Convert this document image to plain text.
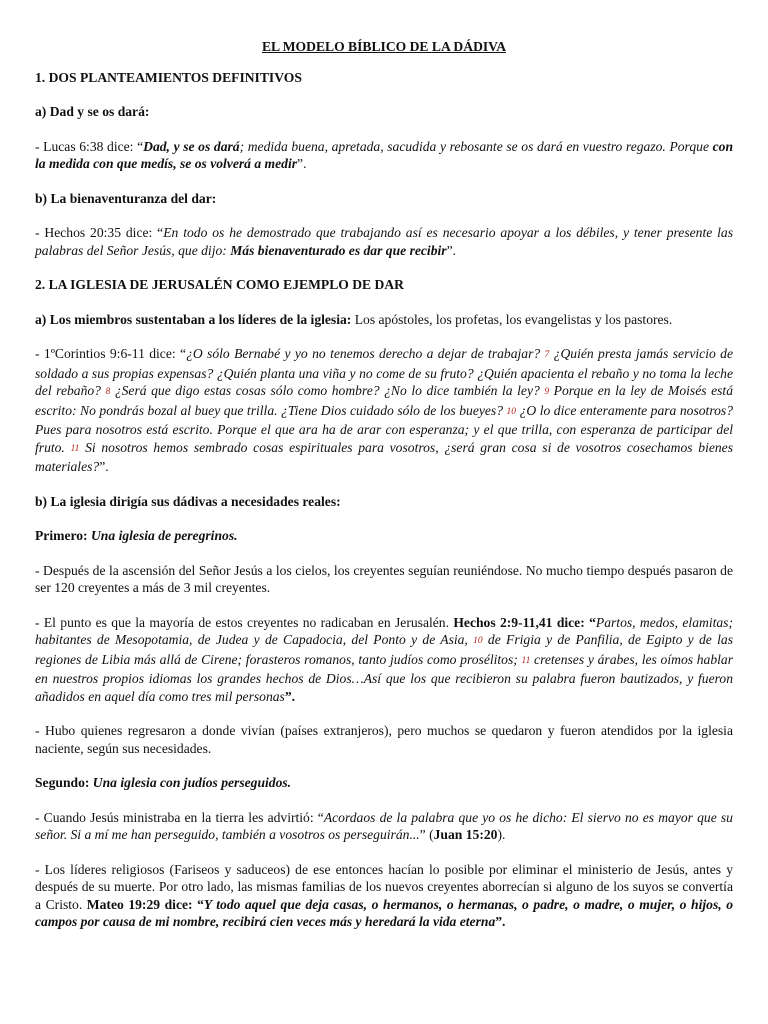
EL MODELO BÍBLICO DE LA DÁDIVA
1. DOS PLANTEAMIENTOS DEFINITIVOS
a) Dad y se os dará:
- Lucas 6:38 dice: “Dad, y se os dará; medida buena, apretada, sacudida y rebosante se os dará en vuestro regazo. Porque con la medida con que medís, se os volverá a medir”.
b) La bienaventuranza del dar:
- Hechos 20:35 dice: “En todo os he demostrado que trabajando así es necesario apoyar a los débiles, y tener presente las palabras del Señor Jesús, que dijo: Más bienaventurado es dar que recibir”.
2. LA IGLESIA DE JERUSALÉN COMO EJEMPLO DE DAR
a) Los miembros sustentaban a los líderes de la iglesia: Los apóstoles, los profetas, los evangelistas y los pastores.
- 1ºCorintios 9:6-11 dice: “¿O sólo Bernabé y yo no tenemos derecho a dejar de trabajar? 7 ¿Quién presta jamás servicio de soldado a sus propias expensas? ¿Quién planta una viña y no come de su fruto? ¿Quién apacienta el rebaño y no toma la leche del rebaño? 8 ¿Será que digo estas cosas sólo como hombre? ¿No lo dice también la ley? 9 Porque en la ley de Moisés está escrito: No pondrás bozal al buey que trilla. ¿Tiene Dios cuidado sólo de los bueyes? 10 ¿O lo dice enteramente para nosotros? Pues para nosotros está escrito. Porque el que ara ha de arar con esperanza; y el que trilla, con esperanza de participar del fruto. 11 Si nosotros hemos sembrado cosas espirituales para vosotros, ¿será gran cosa si de vosotros cosechamos bienes materiales?”.
b) La iglesia dirigía sus dádivas a necesidades reales:
Primero: Una iglesia de peregrinos.
- Después de la ascensión del Señor Jesús a los cielos, los creyentes seguían reuniéndose. No mucho tiempo después pasaron de ser 120 creyentes a más de 3 mil creyentes.
- El punto es que la mayoría de estos creyentes no radicaban en Jerusalén. Hechos 2:9-11,41 dice: “Partos, medos, elamitas; habitantes de Mesopotamia, de Judea y de Capadocia, del Ponto y de Asia, 10 de Frigia y de Panfilia, de Egipto y de las regiones de Libia más allá de Cirene; forasteros romanos, tanto judíos como prosélitos; 11 cretenses y árabes, les oímos hablar en nuestros propios idiomas los grandes hechos de Dios…Así que los que recibieron su palabra fueron bautizados, y fueron añadidos en aquel día como tres mil personas”.
- Hubo quienes regresaron a donde vivían (países extranjeros), pero muchos se quedaron y fueron atendidos por la iglesia naciente, según sus necesidades.
Segundo: Una iglesia con judíos perseguidos.
- Cuando Jesús ministraba en la tierra les advirtió: “Acordaos de la palabra que yo os he dicho: El siervo no es mayor que su señor. Si a mí me han perseguido, también a vosotros os perseguirán...” (Juan 15:20).
- Los líderes religiosos (Fariseos y saduceos) de ese entonces hacían lo posible por eliminar el ministerio de Jesús, antes y después de su muerte. Por otro lado, las mismas familias de los nuevos creyentes aborrecían si alguno de los suyos se convertía a Cristo. Mateo 19:29 dice: “Y todo aquel que deja casas, o hermanos, o hermanas, o padre, o madre, o mujer, o hijos, o campos por causa de mi nombre, recibirá cien veces más y heredará la vida eterna”.
